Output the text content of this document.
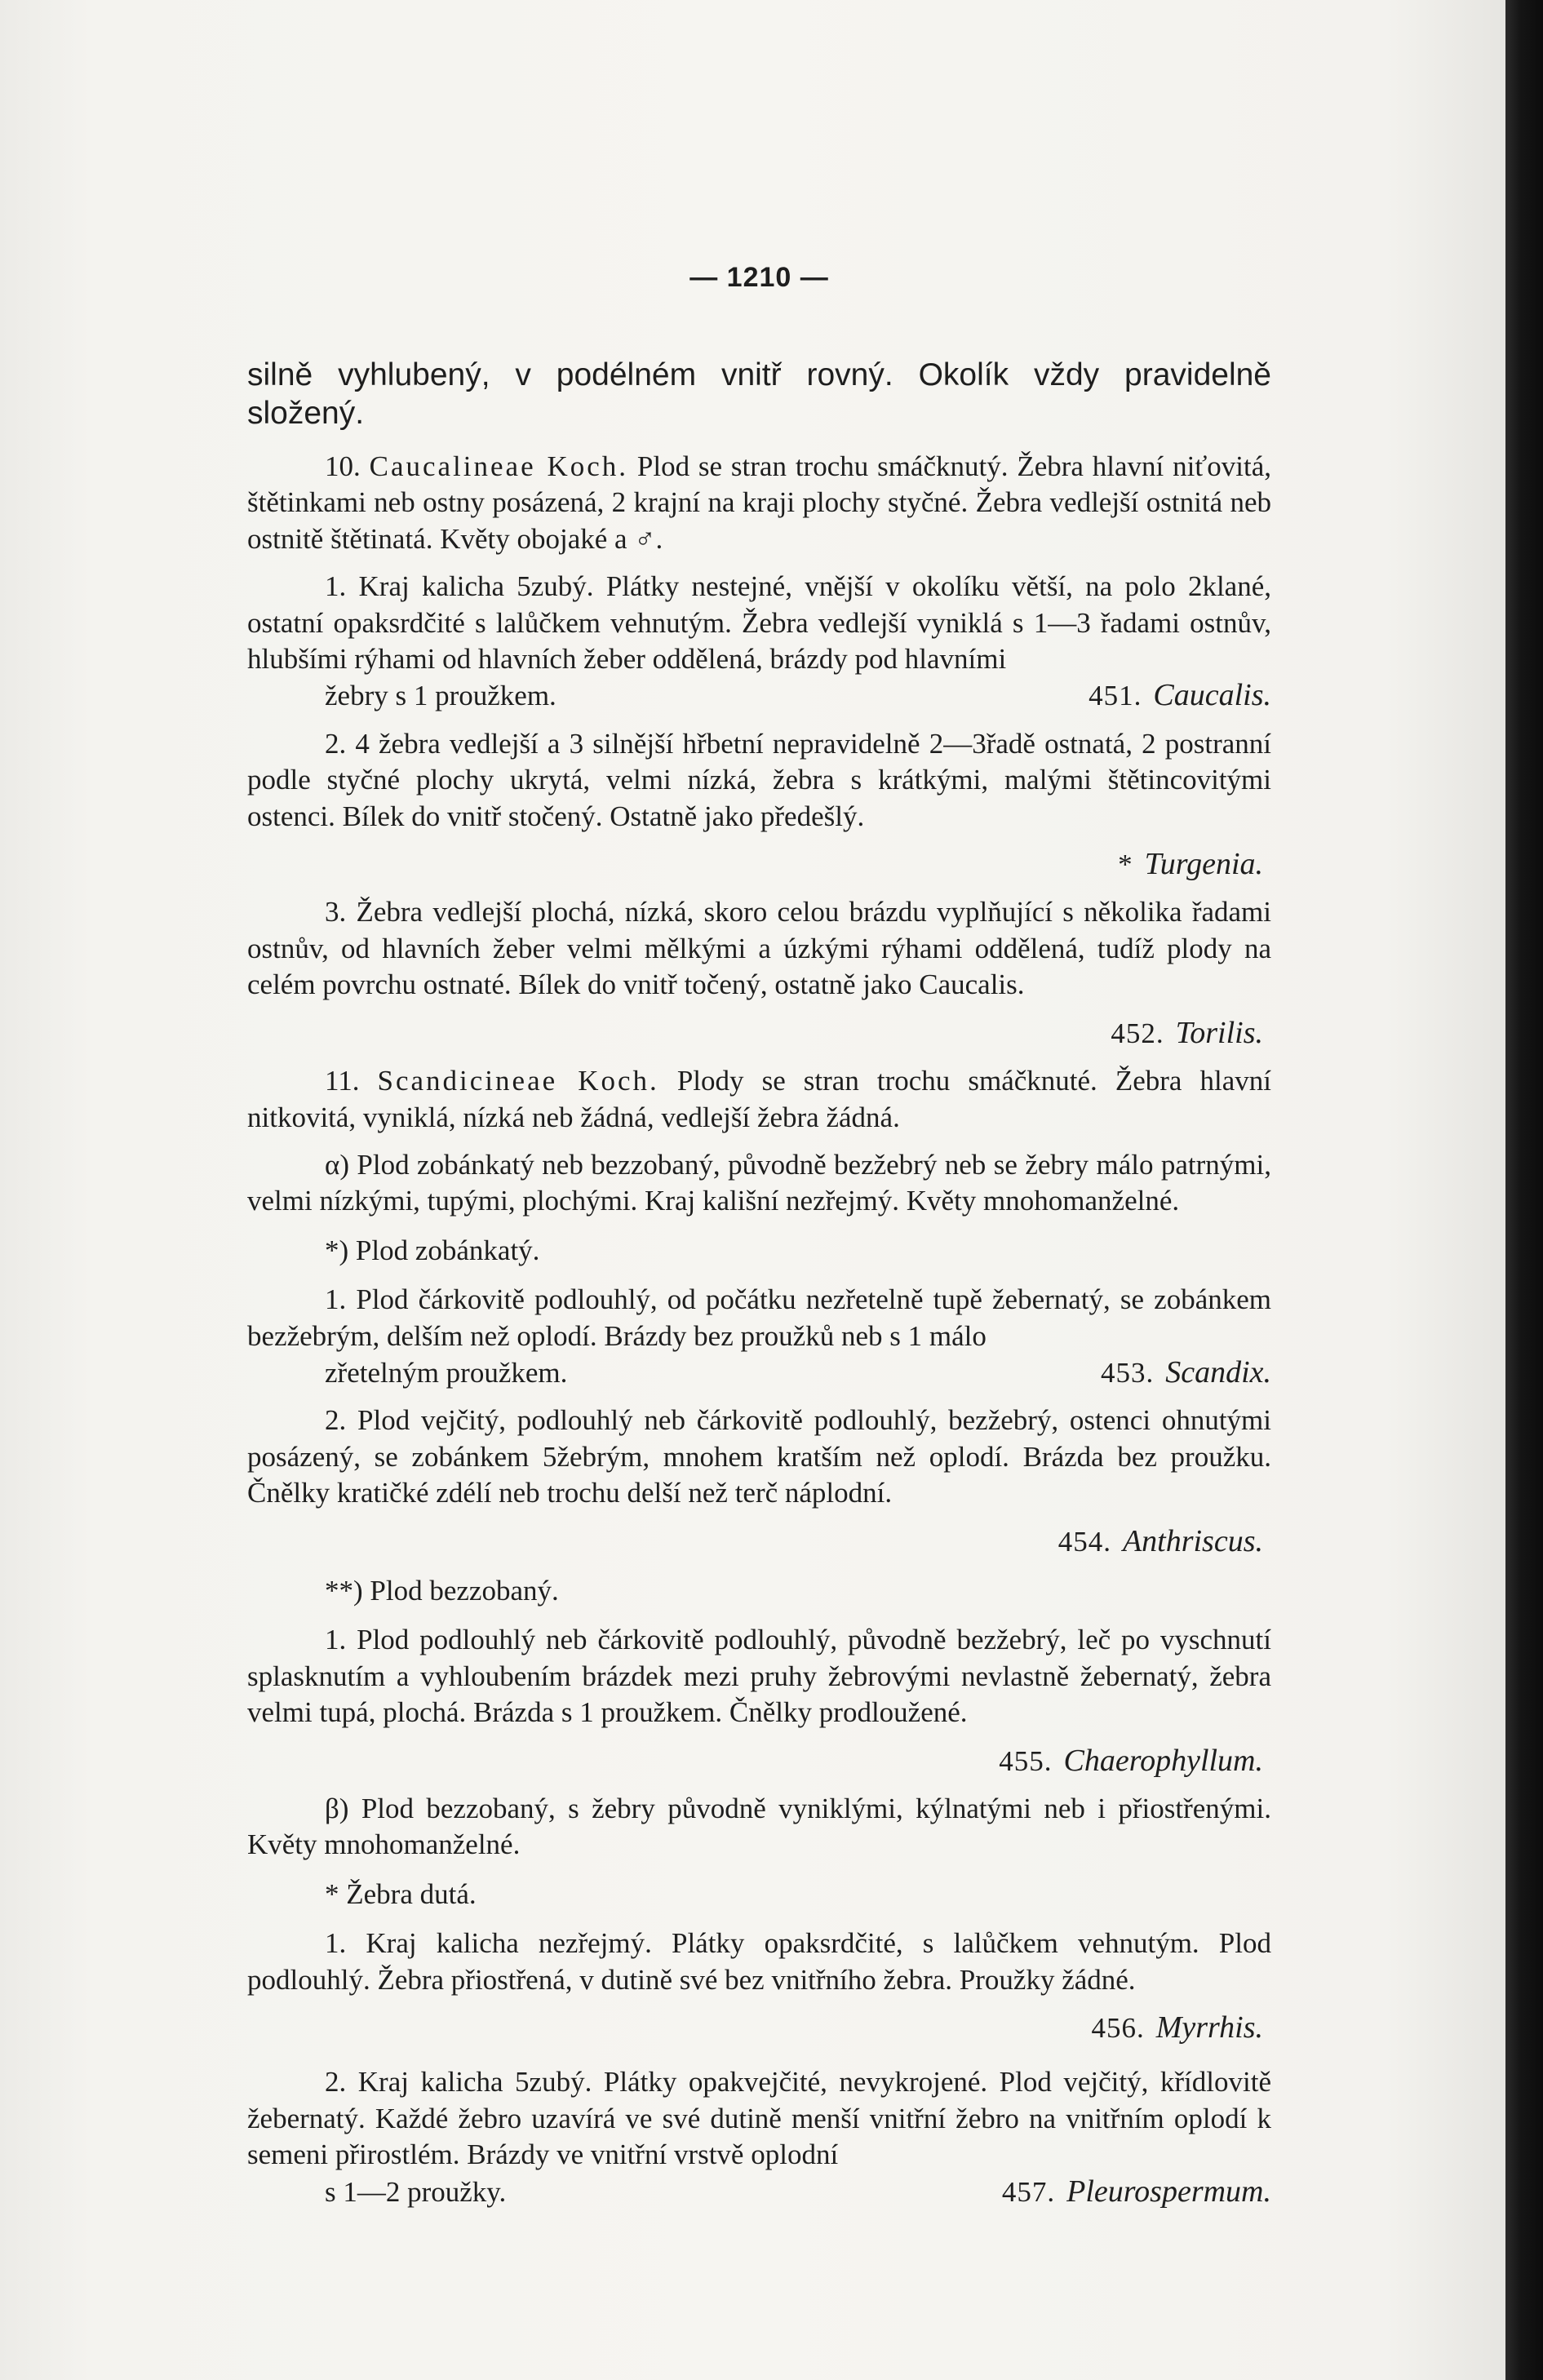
— 1210 —
silně vyhlubený, v podélném vnitř rovný. Okolík vždy pravidelně složený.

10. Caucalineae Koch. Plod se stran trochu smáčknutý. Žebra hlavní niťovitá, štětinkami neb ostny posázená, 2 krajní na kraji plochy styčné. Žebra vedlejší ostnitá neb ostnitě štětinatá. Květy obojaké a ♂.

1. Kraj kalicha 5zubý. Plátky nestejné, vnější v okolíku větší, na polo 2klané, ostatní opaksrdčité s lalůčkem vehnutým. Žebra vedlejší vyniklá s 1—3 řadami ostnův, hlubšími rýhami od hlavních žeber oddělená, brázdy pod hlavními
žebry s 1 proužkem.	451. Caucalis.

2. 4 žebra vedlejší a 3 silnější hřbetní nepravidelně 2—3řadě ostnatá, 2 postranní podle styčné plochy ukrytá, velmi nízká, žebra s krátkými, malými štětincovitými ostenci. Bílek do vnitř stočený. Ostatně jako předešlý.

* Turgenia.

3. Žebra vedlejší plochá, nízká, skoro celou brázdu vyplňující s několika řadami ostnův, od hlavních žeber velmi mělkými a úzkými rýhami oddělená, tudíž plody na celém povrchu ostnaté. Bílek do vnitř točený, ostatně jako Caucalis.

452. Torilis.

11. Scandicineae Koch. Plody se stran trochu smáčknuté. Žebra hlavní nitkovitá, vyniklá, nízká neb žádná, vedlejší žebra žádná.

α) Plod zobánkatý neb bezzobaný, původně bezžebrý neb se žebry málo patrnými, velmi nízkými, tupými, plochými. Kraj kališní nezřejmý. Květy mnohomanželné.

*) Plod zobánkatý.

1. Plod čárkovitě podlouhlý, od počátku nezřetelně tupě žebernatý, se zobánkem bezžebrým, delším než oplodí. Brázdy bez proužků neb s 1 málo
zřetelným proužkem.	453. Scandix.

2. Plod vejčitý, podlouhlý neb čárkovitě podlouhlý, bezžebrý, ostenci ohnutými posázený, se zobánkem 5žebrým, mnohem kratším než oplodí. Brázda bez proužku. Čnělky kratičké zdélí neb trochu delší než terč náplodní.

454. Anthriscus.

**) Plod bezzobaný.

1. Plod podlouhlý neb čárkovitě podlouhlý, původně bezžebrý, leč po vyschnutí splasknutím a vyhloubením brázdek mezi pruhy žebrovými nevlastně žebernatý, žebra velmi tupá, plochá. Brázda s 1 proužkem. Čnělky prodloužené.

455. Chaerophyllum.

β) Plod bezzobaný, s žebry původně vyniklými, kýlnatými neb i přiostřenými. Květy mnohomanželné.

* Žebra dutá.

1. Kraj kalicha nezřejmý. Plátky opaksrdčité, s lalůčkem vehnutým. Plod podlouhlý. Žebra přiostřená, v dutině své bez vnitřního žebra. Proužky žádné.

456. Myrrhis.

2. Kraj kalicha 5zubý. Plátky opakvejčité, nevykrojené. Plod vejčitý, křídlovitě žebernatý. Každé žebro uzavírá ve své dutině menší vnitřní žebro na vnitřním oplodí k semeni přirostlém. Brázdy ve vnitřní vrstvě oplodní
s 1—2 proužky.	457. Pleurospermum.
